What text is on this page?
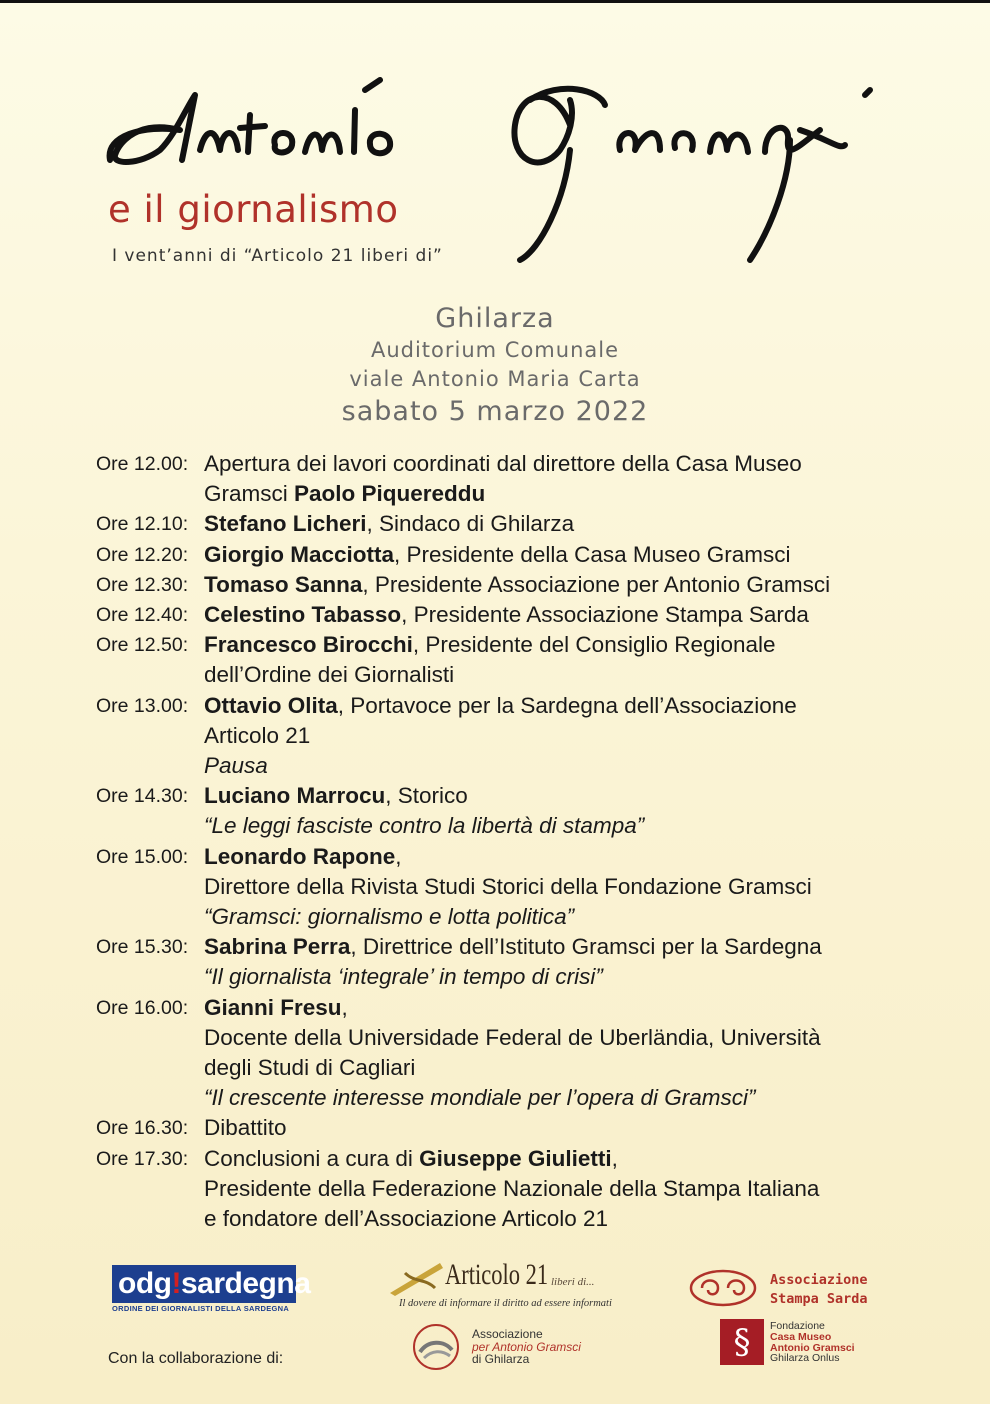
e il giornalismo
I vent’anni di “Articolo 21 liberi di”
Ghilarza
Auditorium Comunale
viale Antonio Maria Carta
sabato 5 marzo 2022
Ore 12.00: Apertura dei lavori coordinati dal direttore della Casa Museo
Gramsci Paolo Piquereddu
Ore 12.10: Stefano Licheri, Sindaco di Ghilarza
Ore 12.20: Giorgio Macciotta, Presidente della Casa Museo Gramsci
Ore 12.30: Tomaso Sanna, Presidente Associazione per Antonio Gramsci
Ore 12.40: Celestino Tabasso, Presidente Associazione Stampa Sarda
Ore 12.50: Francesco Birocchi, Presidente del Consiglio Regionale
dell’Ordine dei Giornalisti
Ore 13.00: Ottavio Olita, Portavoce per la Sardegna dell’Associazione
Articolo 21
Pausa
Ore 14.30: Luciano Marrocu, Storico
“Le leggi fasciste contro la libertà di stampa”
Ore 15.00: Leonardo Rapone,
Direttore della Rivista Studi Storici della Fondazione Gramsci
“Gramsci: giornalismo e lotta politica”
Ore 15.30: Sabrina Perra, Direttrice dell’Istituto Gramsci per la Sardegna
“Il giornalista ‘integrale’ in tempo di crisi”
Ore 16.00: Gianni Fresu,
Docente della Universidade Federal de Uberländia, Università
degli Studi di Cagliari
“Il crescente interesse mondiale per l’opera di Gramsci”
Ore 16.30: Dibattito
Ore 17.30: Conclusioni a cura di Giuseppe Giulietti,
Presidente della Federazione Nazionale della Stampa Italiana
e fondatore dell’Associazione Articolo 21
odg!sardegna
ORDINE DEI GIORNALISTI DELLA SARDEGNA
Articolo 21 liberi di...
Il dovere di informare il diritto ad essere informati
Associazione
Stampa Sarda
Associazione
per Antonio Gramsci
di Ghilarza	§	Fondazione
Casa Museo
Antonio Gramsci
Ghilarza Onlus
Con la collaborazione di:
